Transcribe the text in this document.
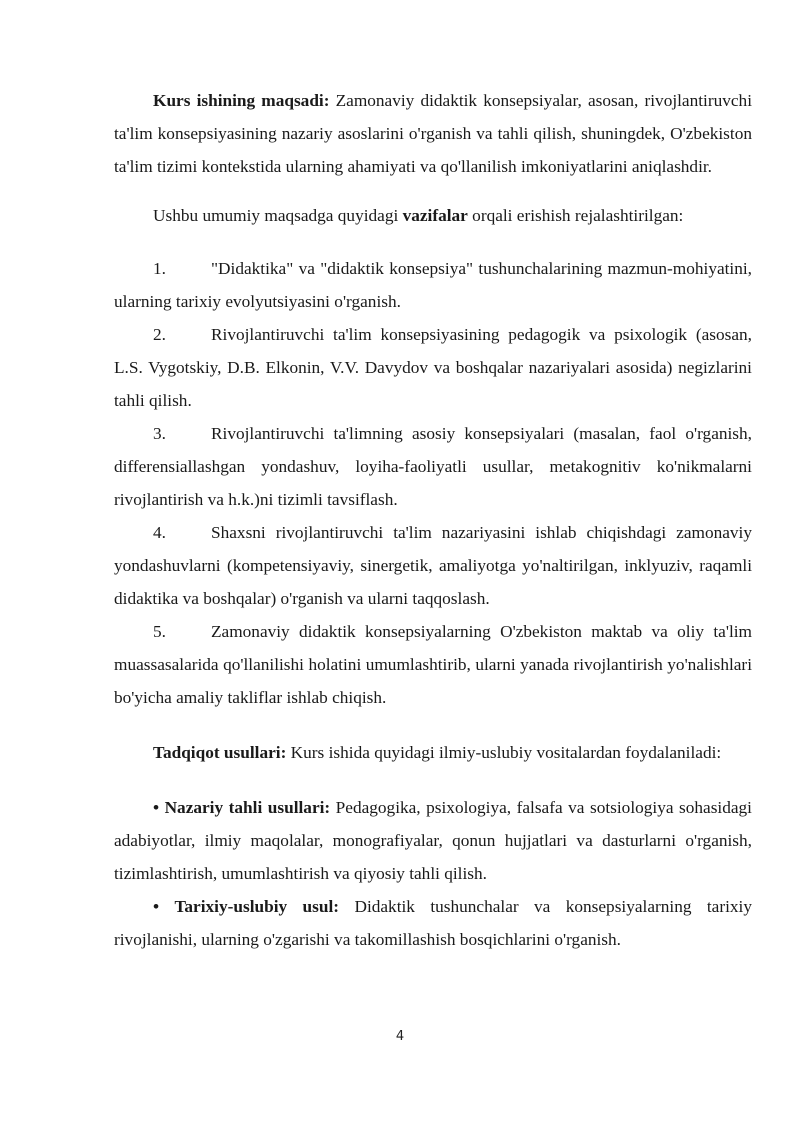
Kurs ishining maqsadi: Zamonaviy didaktik konsepsiyalar, asosan, rivojlantiruvchi ta'lim konsepsiyasining nazariy asoslarini o'rganish va tahli qilish, shuningdek, O'zbekiston ta'lim tizimi kontekstida ularning ahamiyati va qo'llanilish imkoniyatlarini aniqlashdir.

Ushbu umumiy maqsadga quyidagi vazifalar orqali erishish rejalashtirilgan:

1.	"Didaktika" va "didaktik konsepsiya" tushunchalarining mazmun-mohiyatini, ularning tarixiy evolyutsiyasini o'rganish.

2.	Rivojlantiruvchi ta'lim konsepsiyasining pedagogik va psixologik (asosan, L.S. Vygotskiy, D.B. Elkonin, V.V. Davydov va boshqalar nazariyalari asosida) negizlarini tahli qilish.

3.	Rivojlantiruvchi ta'limning asosiy konsepsiyalari (masalan, faol o'rganish, differensiallashgan yondashuv, loyiha-faoliyatli usullar, metakognitiv ko'nikmalarni rivojlantirish va h.k.)ni tizimli tavsiflash.

4.	Shaxsni rivojlantiruvchi ta'lim nazariyasini ishlab chiqishdagi zamonaviy yondashuvlarni (kompetensiyaviy, sinergetik, amaliyotga yo'naltirilgan, inklyuziv, raqamli didaktika va boshqalar) o'rganish va ularni taqqoslash.

5.	Zamonaviy didaktik konsepsiyalarning O'zbekiston maktab va oliy ta'lim muassasalarida qo'llanilishi holatini umumlashtirib, ularni yanada rivojlantirish yo'nalishlari bo'yicha amaliy takliflar ishlab chiqish.

Tadqiqot usullari: Kurs ishida quyidagi ilmiy-uslubiy vositalardan foydalaniladi:

• Nazariy tahli usullari: Pedagogika, psixologiya, falsafa va sotsiologiya sohasidagi adabiyotlar, ilmiy maqolalar, monografiyalar, qonun hujjatlari va dasturlarni o'rganish, tizimlashtirish, umumlashtirish va qiyosiy tahli qilish.

• Tarixiy-uslubiy usul: Didaktik tushunchalar va konsepsiyalarning tarixiy rivojlanishi, ularning o'zgarishi va takomillashish bosqichlarini o'rganish.

4
